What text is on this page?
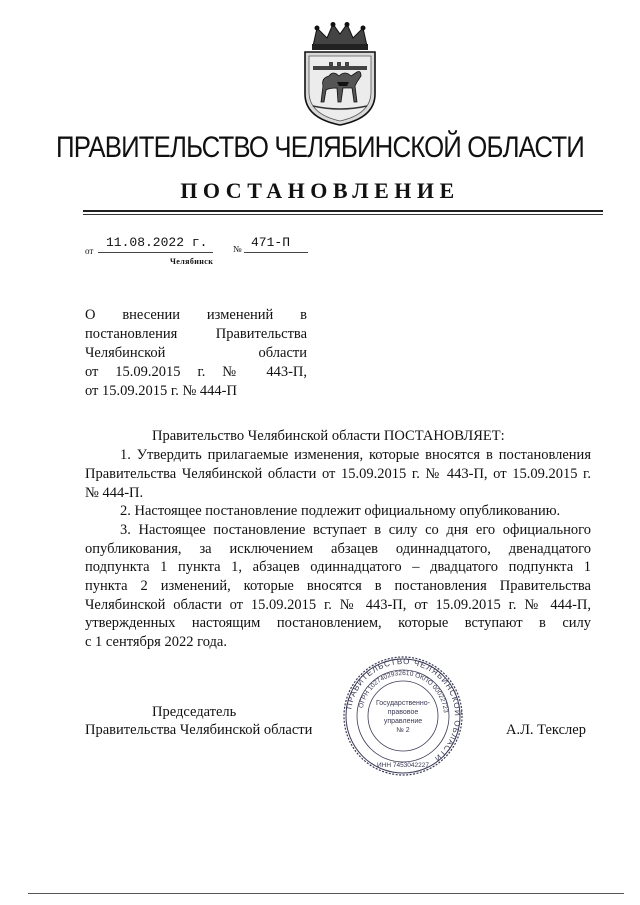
ПРАВИТЕЛЬСТВО ЧЕЛЯБИНСКОЙ ОБЛАСТИ
ПОСТАНОВЛЕНИЕ
от
11.08.2022 г.	№ 471-П
Челябинск
О внесении изменений в
постановления Правительства
Челябинской области
от 15.09.2015 г. № 443-П,
от 15.09.2015 г. № 444-П
Правительство Челябинской области ПОСТАНОВЛЯЕТ:
1. Утвердить прилагаемые изменения, которые вносятся в постановления
Правительства Челябинской области от 15.09.2015 г. № 443-П, от 15.09.2015 г.
№ 444-П.
2. Настоящее постановление подлежит официальному опубликованию.
3. Настоящее постановление вступает в силу со дня его официального
опубликования, за исключением абзацев одиннадцатого, двенадцатого
подпункта 1 пункта 1, абзацев одиннадцатого – двадцатого подпункта 1
пункта 2 изменений, которые вносятся в постановления Правительства
Челябинской области от 15.09.2015 г. № 443-П, от 15.09.2015 г. № 444-П,
утвержденных настоящим постановлением, которые вступают в силу
с 1 сентября 2022 года.
ПРАВИТЕЛЬСТВО ЧЕЛЯБИНСКОЙ ОБЛАСТИ
ОГРН 1027402932610 ОКПО 00022723
Государственно-
правовое
управление
№ 2
ИНН 7453042227
Председатель
Правительства Челябинской области	А.Л. Текслер
